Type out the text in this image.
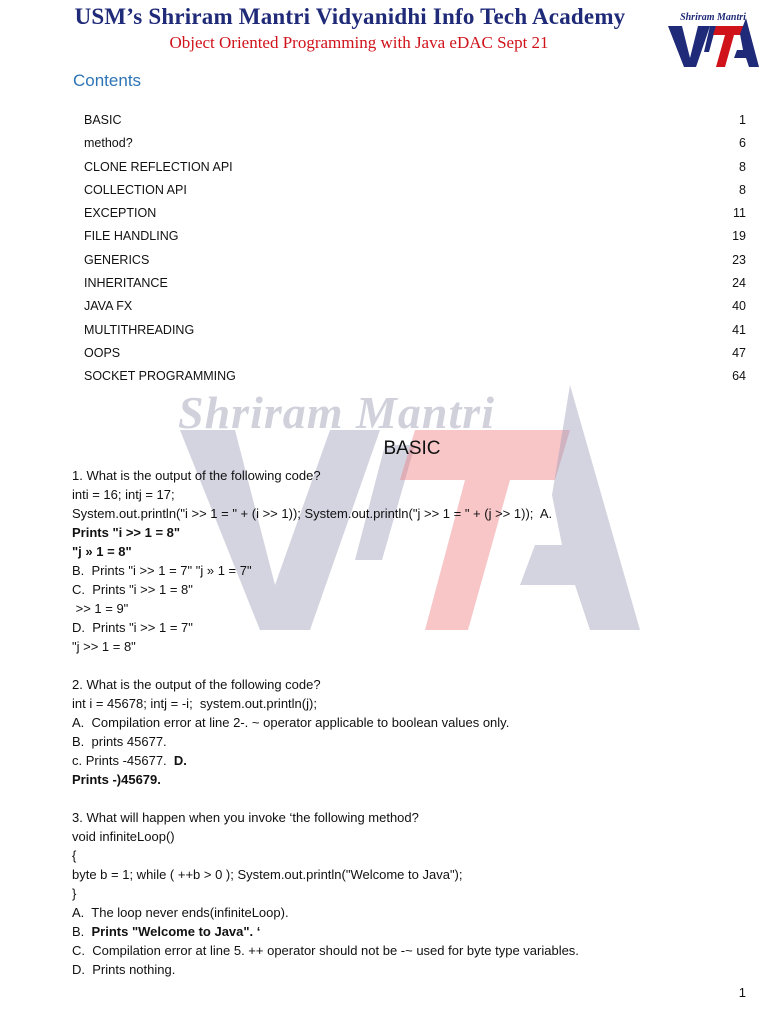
Shriram Mantri
USM’s Shriram Mantri Vidyanidhi Info Tech Academy
Object Oriented Programming with Java eDAC Sept 21
Shriram Mantri
Contents
BASIC	1
method?	6
CLONE REFLECTION API	8
COLLECTION API	8
EXCEPTION	11
FILE HANDLING	19
GENERICS	23
INHERITANCE	24
JAVA FX	40
MULTITHREADING	41
OOPS	47
SOCKET PROGRAMMING	64
BASIC
1. What is the output of the following code?
inti = 16; intj = 17;
System.out.println("i >> 1 = " + (i >> 1)); System.out.println("j >> 1 = " + (j >> 1));  A.
Prints "i >> 1 = 8"
"j » 1 = 8"
B.  Prints "i >> 1 = 7" "j » 1 = 7"
C.  Prints "i >> 1 = 8"
>> 1 = 9"
D.  Prints "i >> 1 = 7"
"j >> 1 = 8"
2. What is the output of the following code?
int i = 45678; intj = -i;  system.out.println(j);
A.  Compilation error at line 2-. ~ operator applicable to boolean values only.
B.  prints 45677.
c. Prints -45677.  D.
Prints -)45679.
3. What will happen when you invoke ‘the following method?
void infiniteLoop()
{
byte b = 1; while ( ++b > 0 ); System.out.println("Welcome to Java");
}
A.  The loop never ends(infiniteLoop).
B.  Prints "Welcome to Java". ‘
C.  Compilation error at line 5. ++ operator should not be -~ used for byte type variables.
D.  Prints nothing.
1
